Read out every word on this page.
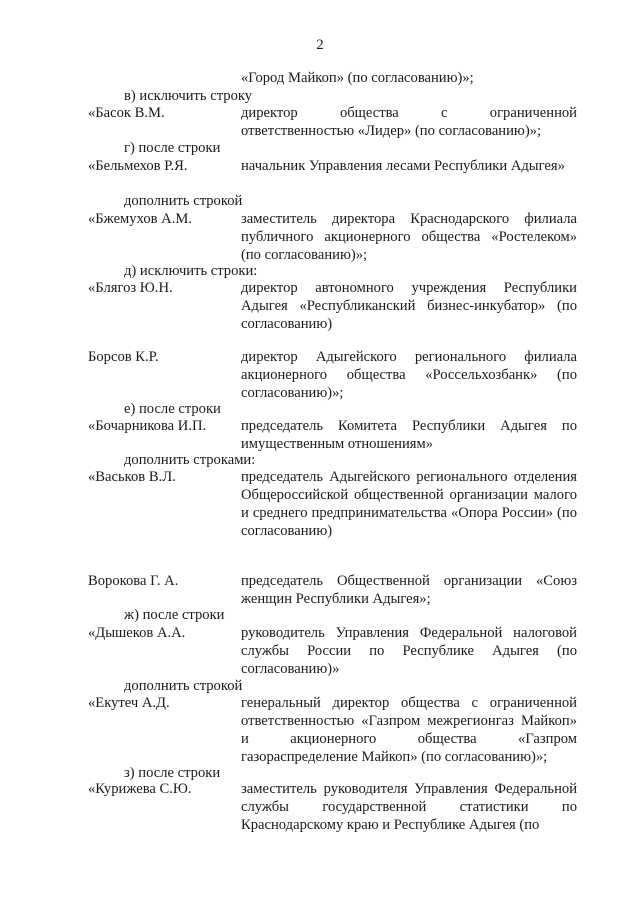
2

«Город Майкоп» (по согласованию)»;

в) исключить строку

«Басок В.М.	директор общества с ограниченной ответственностью «Лидер» (по согласованию)»;

г) после строки

«Бельмехов Р.Я.	начальник Управления лесами Республики Адыгея»

дополнить строкой

«Бжемухов А.М.	заместитель директора Краснодарского филиала публичного акционерного общества «Ростелеком» (по согласованию)»;

д) исключить строки:

«Блягоз Ю.Н.	директор автономного учреждения Республики Адыгея «Республиканский бизнес-инкубатор» (по согласованию)

Борсов К.Р.	директор Адыгейского регионального филиала акционерного общества «Россельхозбанк» (по согласованию)»;

е) после строки

«Бочарникова И.П. председатель Комитета Республики Адыгея по имущественным отношениям»

дополнить строками:

«Васьков В.Л.	председатель Адыгейского регионального отделения Общероссийской общественной организации малого и среднего предпринимательства «Опора России» (по согласованию)

Ворокова Г. А.	председатель Общественной организации «Союз женщин Республики Адыгея»;

ж) после строки

«Дышеков А.А.	руководитель Управления Федеральной налоговой службы России по Республике Адыгея (по согласованию)»

дополнить строкой

«Екутеч А.Д.	генеральный директор общества с ограниченной ответственностью «Газпром межрегионгаз Майкоп» и акционерного общества «Газпром газораспределение Майкоп» (по согласованию)»;

з) после строки

«Курижева С.Ю.	заместитель руководителя Управления Федеральной службы государственной статистики по Краснодарскому краю и Республике Адыгея (по
